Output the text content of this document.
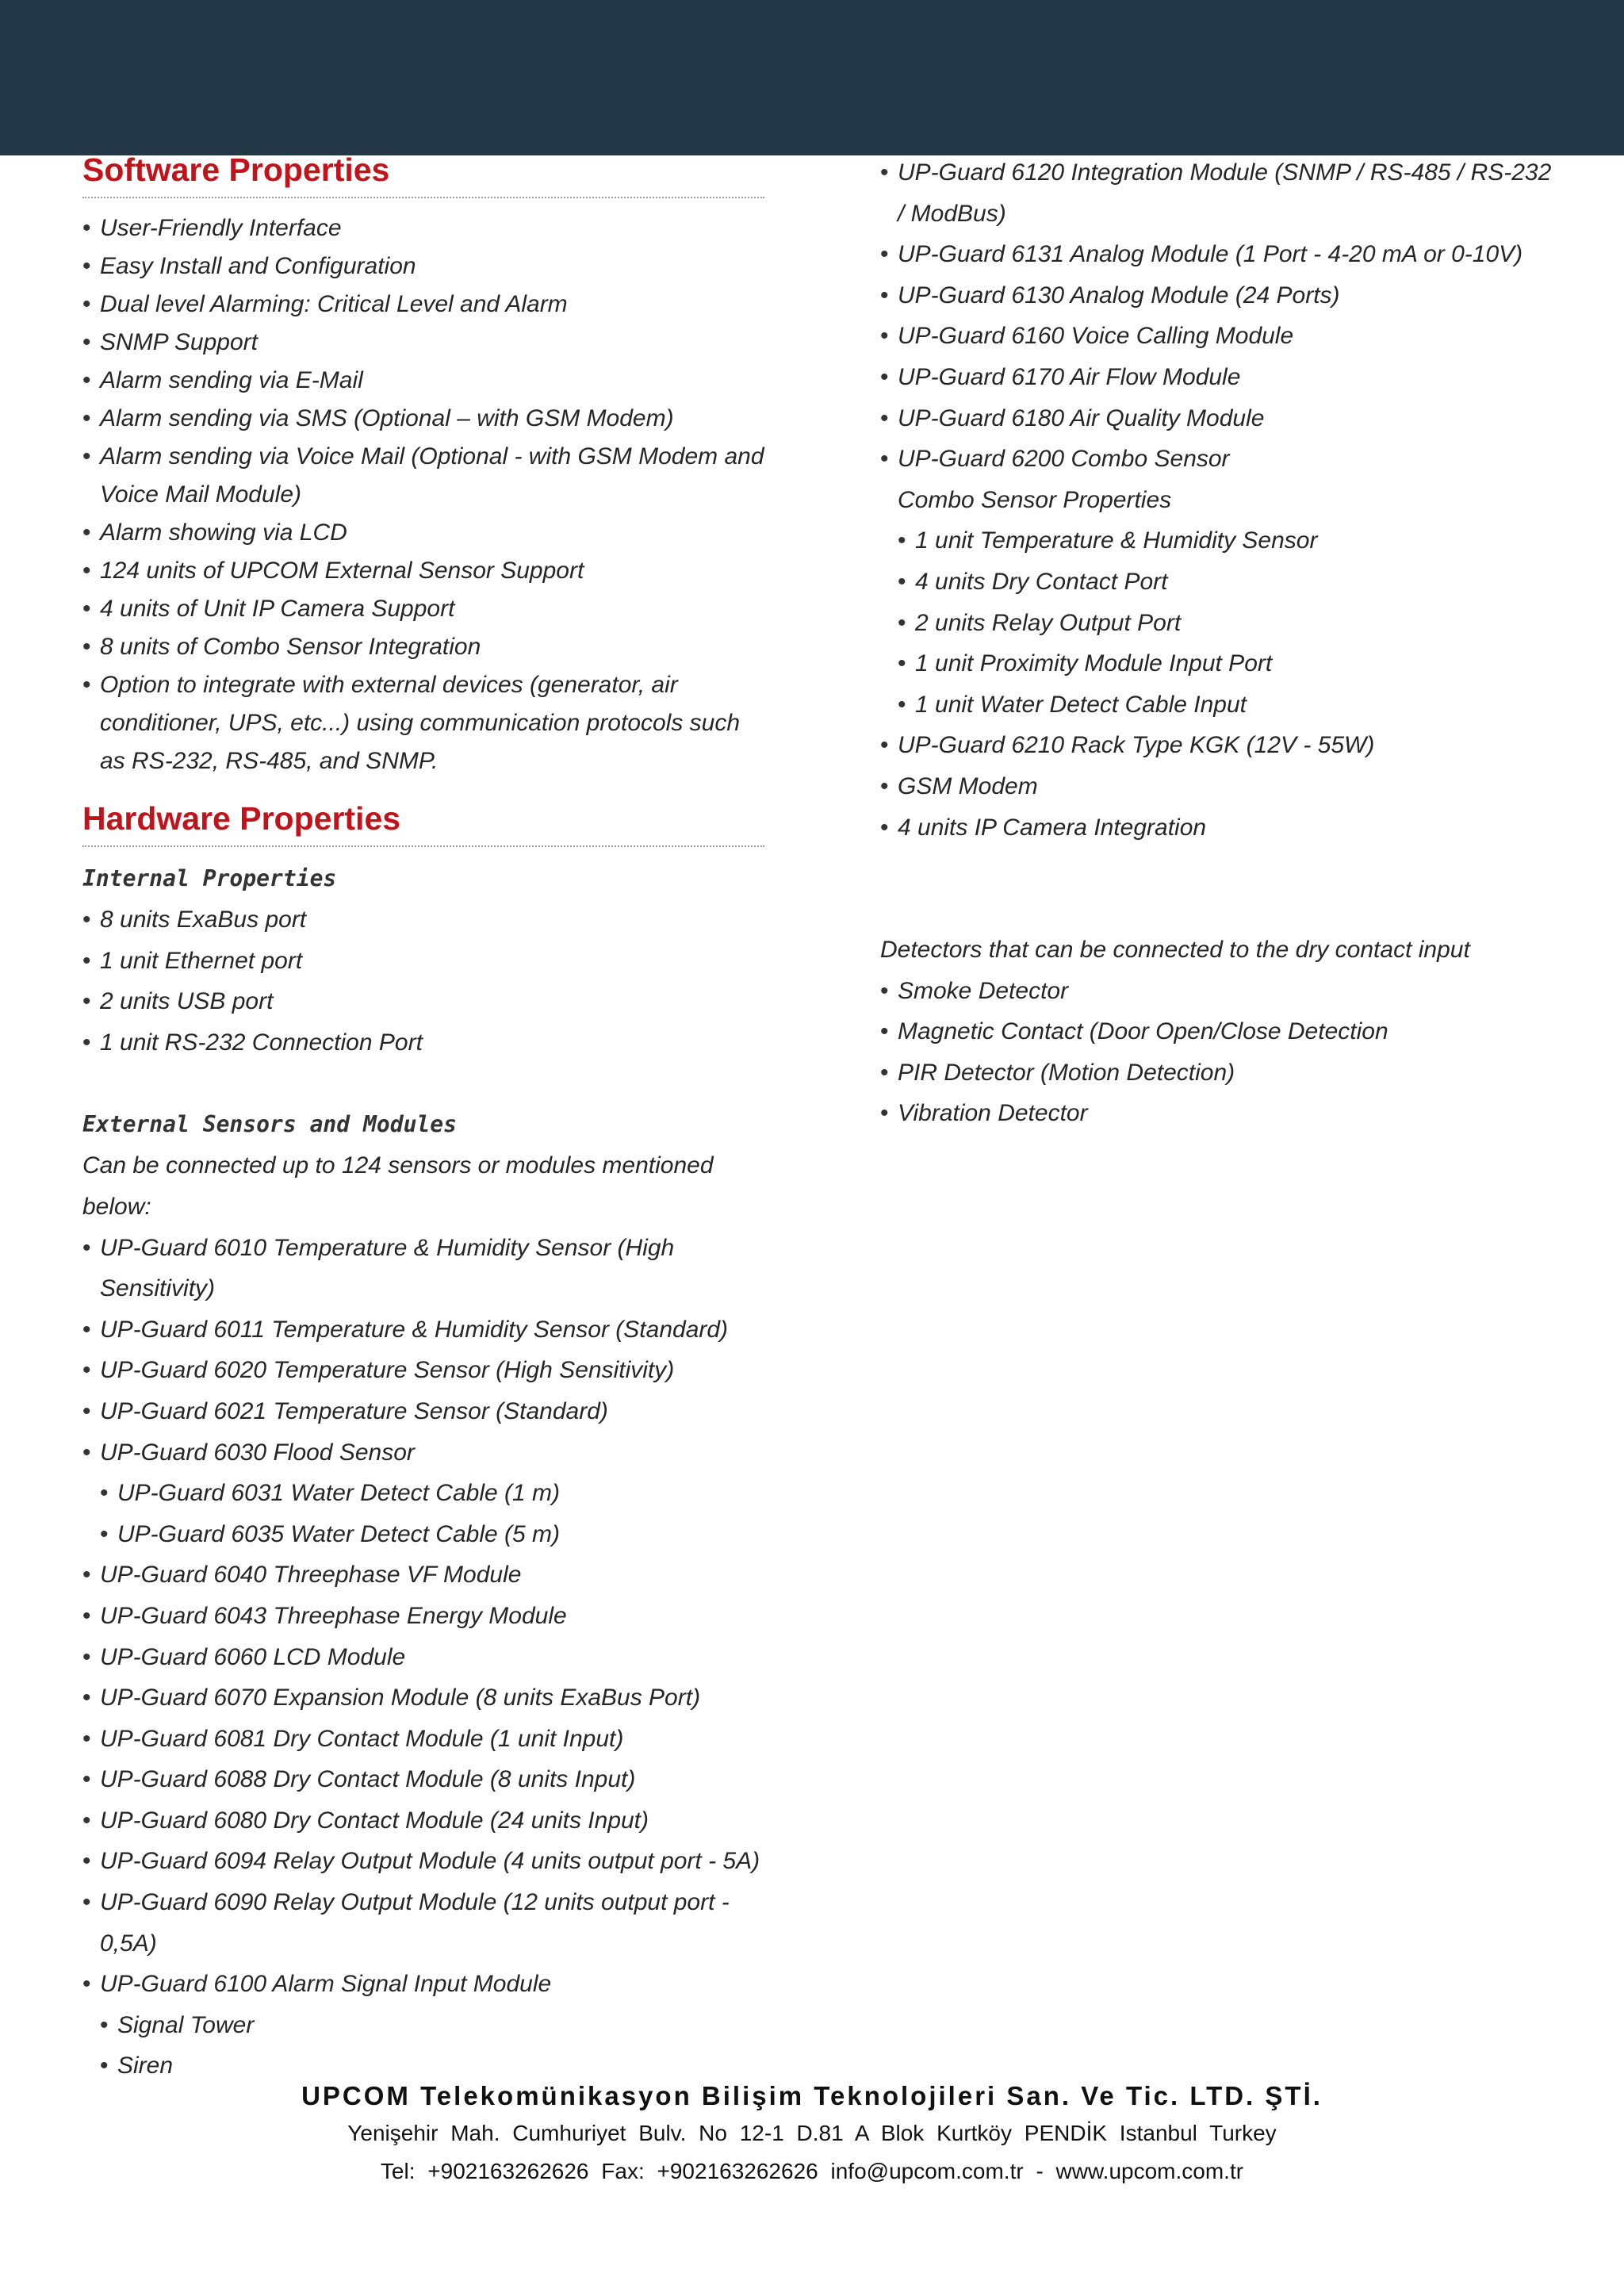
Software Properties
• User-Friendly Interface
• Easy Install and Configuration
• Dual level Alarming: Critical Level and Alarm
• SNMP Support
• Alarm sending via E-Mail
• Alarm sending via SMS (Optional – with GSM Modem)
• Alarm sending via Voice Mail (Optional - with GSM Modem and Voice Mail Module)
• Alarm showing via LCD
• 124 units of UPCOM External Sensor Support
• 4 units of Unit IP Camera Support
• 8 units of Combo Sensor Integration
• Option to integrate with external devices (generator, air conditioner, UPS, etc...) using communication protocols such as RS-232, RS-485, and SNMP.
Hardware Properties
Internal Properties
• 8 units ExaBus port
• 1 unit Ethernet port
• 2 units USB port
• 1 unit RS-232 Connection Port
External Sensors and Modules
Can be connected up to 124 sensors or modules mentioned below:
• UP-Guard 6010 Temperature & Humidity Sensor (High Sensitivity)
• UP-Guard 6011 Temperature & Humidity Sensor (Standard)
• UP-Guard 6020 Temperature Sensor (High Sensitivity)
• UP-Guard 6021 Temperature Sensor (Standard)
• UP-Guard 6030 Flood Sensor
• UP-Guard 6031 Water Detect Cable (1 m)
• UP-Guard 6035 Water Detect Cable (5 m)
• UP-Guard 6040 Threephase VF Module
• UP-Guard 6043 Threephase Energy Module
• UP-Guard 6060 LCD Module
• UP-Guard 6070 Expansion Module (8 units ExaBus Port)
• UP-Guard 6081 Dry Contact Module (1 unit Input)
• UP-Guard 6088 Dry Contact Module (8 units Input)
• UP-Guard 6080 Dry Contact Module (24 units Input)
• UP-Guard 6094 Relay Output Module (4 units output port - 5A)
• UP-Guard 6090 Relay Output Module (12 units output port - 0,5A)
• UP-Guard 6100 Alarm Signal Input Module
• Signal Tower
• Siren
• UP-Guard 6120 Integration Module (SNMP / RS-485 / RS-232 / ModBus)
• UP-Guard 6131 Analog Module (1 Port - 4-20 mA or 0-10V)
• UP-Guard 6130 Analog Module (24 Ports)
• UP-Guard 6160 Voice Calling Module
• UP-Guard 6170 Air Flow Module
• UP-Guard 6180 Air Quality Module
• UP-Guard 6200 Combo Sensor
Combo Sensor Properties
• 1 unit Temperature & Humidity Sensor
• 4 units Dry Contact Port
• 2 units Relay Output Port
• 1 unit Proximity Module Input Port
• 1 unit Water Detect Cable Input
• UP-Guard 6210 Rack Type KGK (12V - 55W)
• GSM Modem
• 4 units IP Camera Integration
Detectors that can be connected to the dry contact input
• Smoke Detector
• Magnetic Contact (Door Open/Close Detection
• PIR Detector (Motion Detection)
• Vibration Detector
UPCOM Telekomünikasyon Bilişim Teknolojileri San. Ve Tic. LTD. ŞTİ.
Yenişehir Mah. Cumhuriyet Bulv. No 12-1 D.81 A Blok Kurtköy PENDİK Istanbul Turkey
Tel: +902163262626 Fax: +902163262626 info@upcom.com.tr - www.upcom.com.tr
